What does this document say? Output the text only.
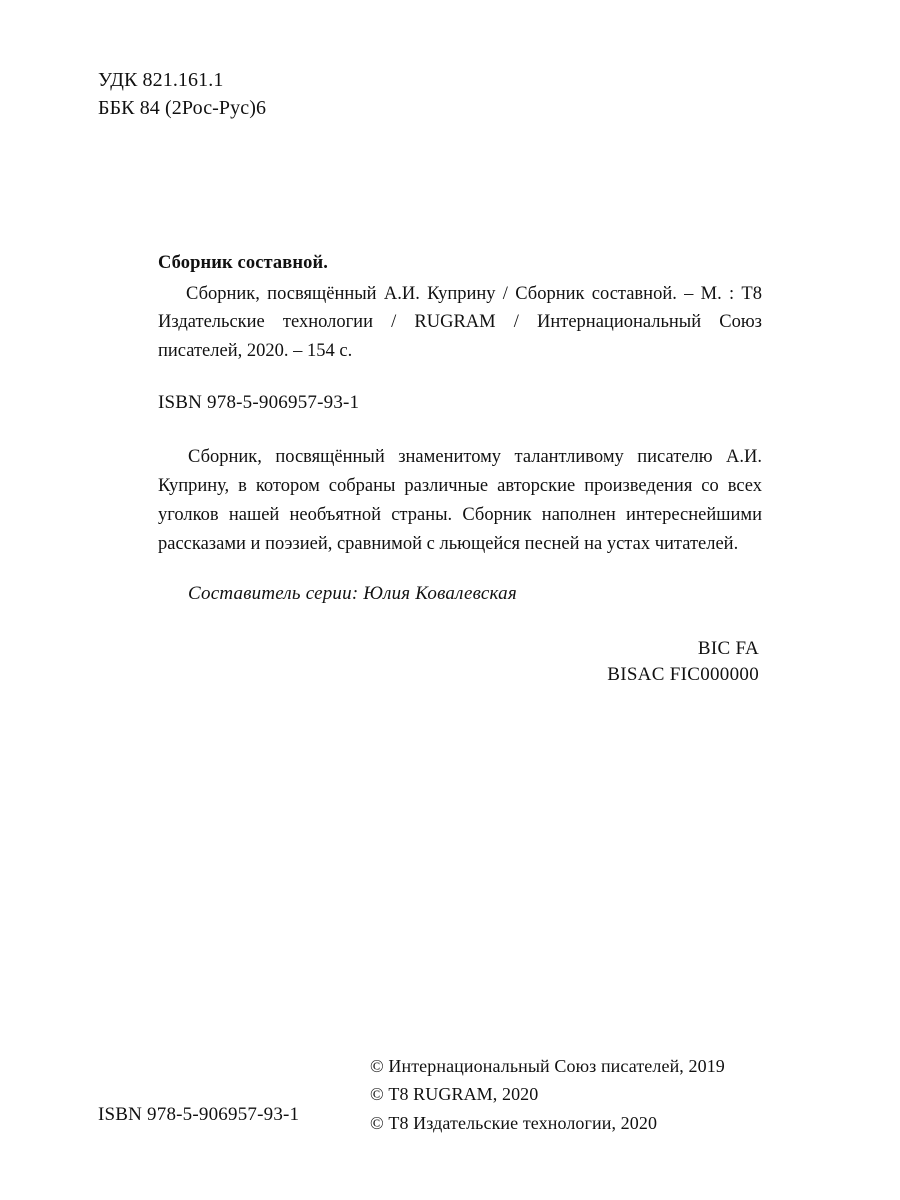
УДК 821.161.1
ББК 84 (2Рос-Рус)6

Сборник составной.

Сборник, посвящённый А.И. Куприну / Сборник составной. – М. : Т8 Издательские технологии / RUGRAM / Интернациональный Союз писателей, 2020. – 154 с.

ISBN 978-5-906957-93-1
Сборник, посвящённый знаменитому талантливому писателю А.И. Куприну, в котором собраны различные авторские произведения со всех уголков нашей необъятной страны. Сборник наполнен интереснейшими рассказами и поэзией, сравнимой с льющейся песней на устах читателей.
Составитель серии: Юлия Ковалевская
BIC FA
BISAC FIC000000
© Интернациональный Союз писателей, 2019
© Т8 RUGRAM, 2020
© Т8 Издательские технологии, 2020
ISBN 978-5-906957-93-1
